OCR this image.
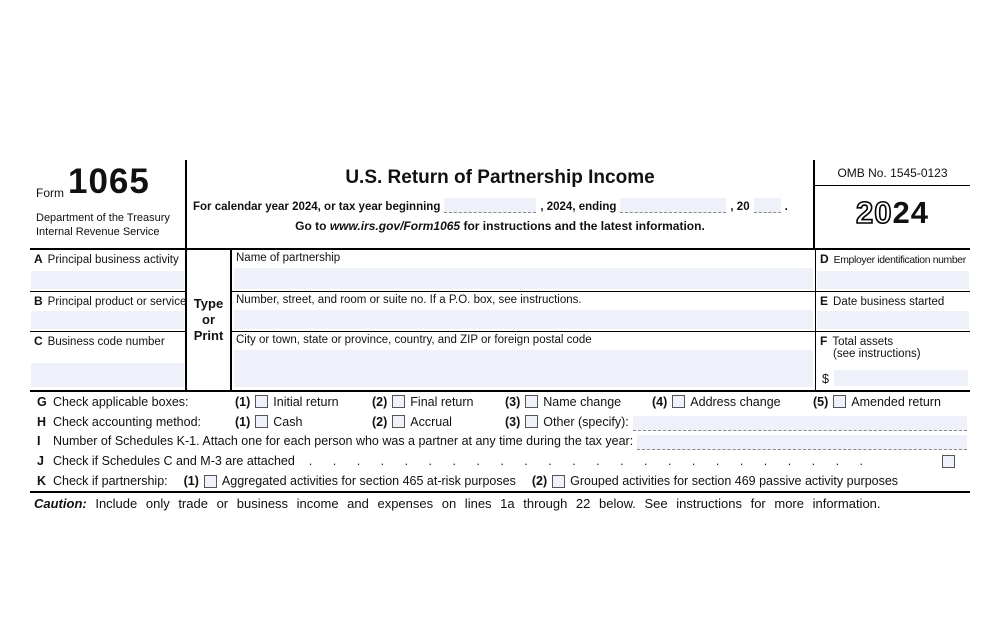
Form 1065
Department of the Treasury
Internal Revenue Service
U.S. Return of Partnership Income
For calendar year 2024, or tax year beginning	, 2024, ending	, 20	.
Go to www.irs.gov/Form1065 for instructions and the latest information.
OMB No. 1545-0123
2024
A Principal business activity
B Principal product or service
C Business code number
Type
or
Print
Name of partnership
Number, street, and room or suite no. If a P.O. box, see instructions.
City or town, state or province, country, and ZIP or foreign postal code
D Employer identification number
E Date business started
F Total assets
(see instructions)
$
G Check applicable boxes:	(1) Initial return	(2) Final return	(3) Name change (4) Address change	(5) Amended return
H Check accounting method:	(1) Cash	(2) Accrual	(3) Other (specify):
I	Number of Schedules K-1. Attach one for each person who was a partner at any time during the tax year:
J Check if Schedules C and M-3 are attached . . . . . . . . . . . . . . . . . . . . . . . .
K Check if partnership: (1) Aggregated activities for section 465 at-risk purposes (2) Grouped activities for section 469 passive activity purposes
Caution: Include only trade or business income and expenses on lines 1a through 22 below. See instructions for more information.
